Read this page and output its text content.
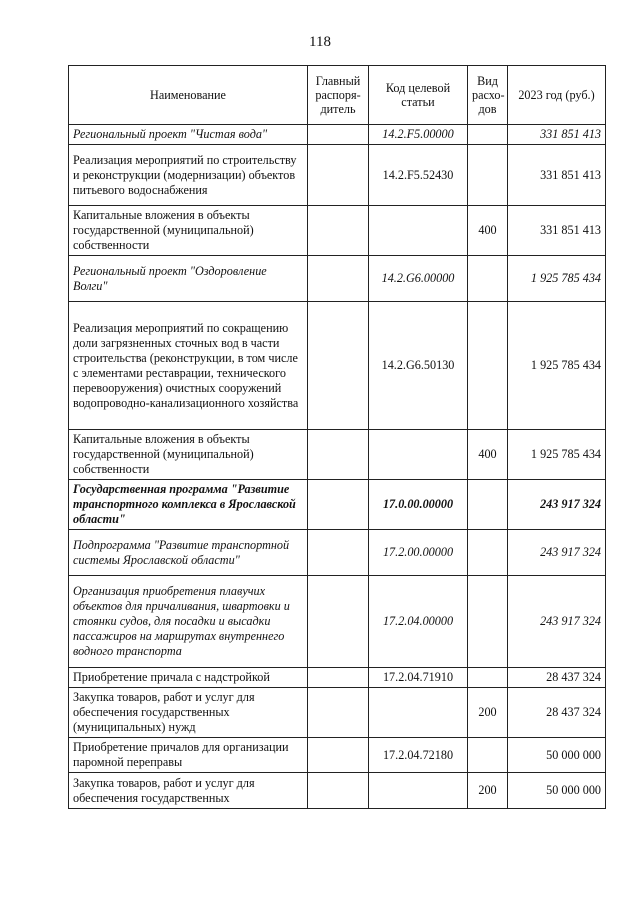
118
Наименование	Главный распоря-дитель	Код целевой статьи	Вид расхо-дов	2023 год (руб.)
Региональный проект "Чистая вода"		14.2.F5.00000		331 851 413
Реализация мероприятий по строительству и реконструкции (модернизации) объектов питьевого водоснабжения		14.2.F5.52430		331 851 413
Капитальные вложения в объекты государственной (муниципальной) собственности			400	331 851 413
Региональный проект "Оздоровление Волги"		14.2.G6.00000		1 925 785 434
Реализация мероприятий по сокращению доли загрязненных сточных вод в части строительства (реконструкции, в том числе с элементами реставрации, технического перевооружения) очистных сооружений водопроводно-канализационного хозяйства		14.2.G6.50130		1 925 785 434
Капитальные вложения в объекты государственной (муниципальной) собственности			400	1 925 785 434
Государственная программа "Развитие транспортного комплекса в Ярославской области"		17.0.00.00000		243 917 324
Подпрограмма "Развитие транспортной системы Ярославской области"		17.2.00.00000		243 917 324
Организация приобретения плавучих объектов для причаливания, швартовки и стоянки судов, для посадки и высадки пассажиров на маршрутах внутреннего водного транспорта		17.2.04.00000		243 917 324
Приобретение причала с надстройкой		17.2.04.71910		28 437 324
Закупка товаров, работ и услуг для обеспечения государственных (муниципальных) нужд			200	28 437 324
Приобретение причалов для организации паромной переправы		17.2.04.72180		50 000 000
Закупка товаров, работ и услуг для обеспечения государственных			200	50 000 000
